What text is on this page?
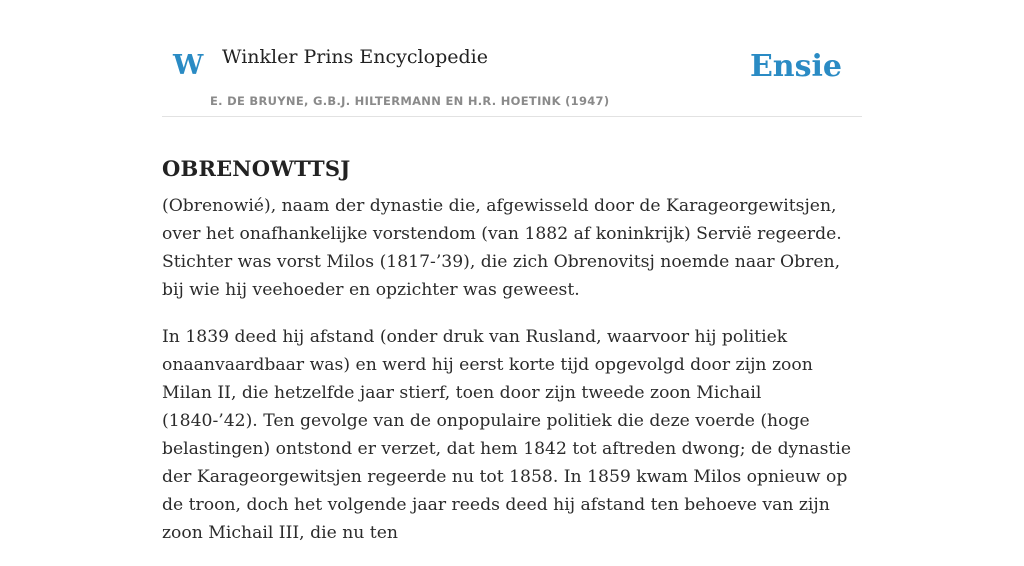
W Winkler Prins Encyclopedie
E. DE BRUYNE, G.B.J. HILTERMANN EN H.R. HOETINK (1947)
Ensie
OBRENOWTTSJ

(Obrenowié), naam der dynastie die, afgewisseld door de Karageorgewitsjen, over het onafhankelijke vorstendom (van 1882 af koninkrijk) Servië regeerde. Stichter was vorst Milos (1817-’39), die zich Obrenovitsj noemde naar Obren, bij wie hij veehoeder en opzichter was geweest.

In 1839 deed hij afstand (onder druk van Rusland, waarvoor hij politiek onaanvaardbaar was) en werd hij eerst korte tijd opgevolgd door zijn zoon Milan II, die hetzelfde jaar stierf, toen door zijn tweede zoon Michail (1840-’42). Ten gevolge van de onpopulaire politiek die deze voerde (hoge belastingen) ontstond er verzet, dat hem 1842 tot aftreden dwong; de dynastie der Karageorgewitsjen regeerde nu tot 1858. In 1859 kwam Milos opnieuw op de troon, doch het volgende jaar reeds deed hij afstand ten behoeve van zijn zoon Michail III, die nu ten
